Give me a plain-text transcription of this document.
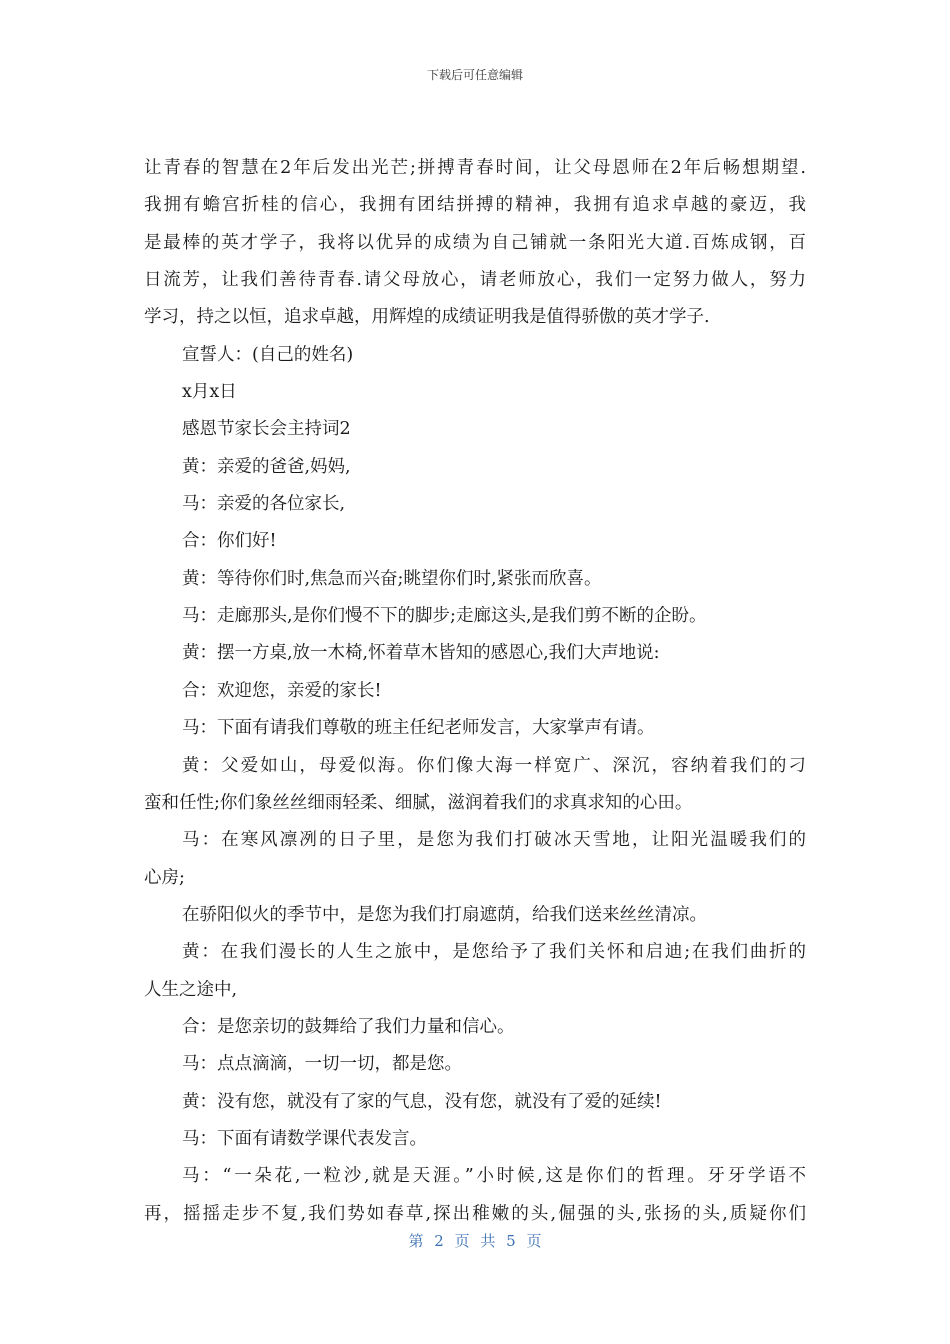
下载后可任意编辑
让青春的智慧在2年后发出光芒;拼搏青春时间，让父母恩师在2年后畅想期望.
我拥有蟾宫折桂的信心，我拥有团结拼搏的精神，我拥有追求卓越的豪迈，我
是最棒的英才学子，我将以优异的成绩为自己铺就一条阳光大道.百炼成钢，百
日流芳，让我们善待青春.请父母放心，请老师放心，我们一定努力做人，努力
学习，持之以恒，追求卓越，用辉煌的成绩证明我是值得骄傲的英才学子.
宣誓人：(自己的姓名)
x月x日
感恩节家长会主持词2
黄：亲爱的爸爸,妈妈,
马：亲爱的各位家长,
合：你们好!
黄：等待你们时,焦急而兴奋;眺望你们时,紧张而欣喜。
马：走廊那头,是你们慢不下的脚步;走廊这头,是我们剪不断的企盼。
黄：摆一方桌,放一木椅,怀着草木皆知的感恩心,我们大声地说:
合：欢迎您，亲爱的家长!
马：下面有请我们尊敬的班主任纪老师发言，大家掌声有请。
黄：父爱如山，母爱似海。你们像大海一样宽广、深沉，容纳着我们的刁
蛮和任性;你们象丝丝细雨轻柔、细腻，滋润着我们的求真求知的心田。
马：在寒风凛冽的日子里，是您为我们打破冰天雪地，让阳光温暖我们的
心房;
在骄阳似火的季节中，是您为我们打扇遮荫，给我们送来丝丝清凉。
黄：在我们漫长的人生之旅中，是您给予了我们关怀和启迪;在我们曲折的
人生之途中,
合：是您亲切的鼓舞给了我们力量和信心。
马：点点滴滴，一切一切，都是您。
黄：没有您，就没有了家的气息，没有您，就没有了爱的延续!
马：下面有请数学课代表发言。
马：“一朵花,一粒沙,就是天涯。”小时候,这是你们的哲理。牙牙学语不
再，摇摇走步不复,我们势如春草,探出稚嫩的头,倔强的头,张扬的头,质疑你们
第 2 页 共 5 页
